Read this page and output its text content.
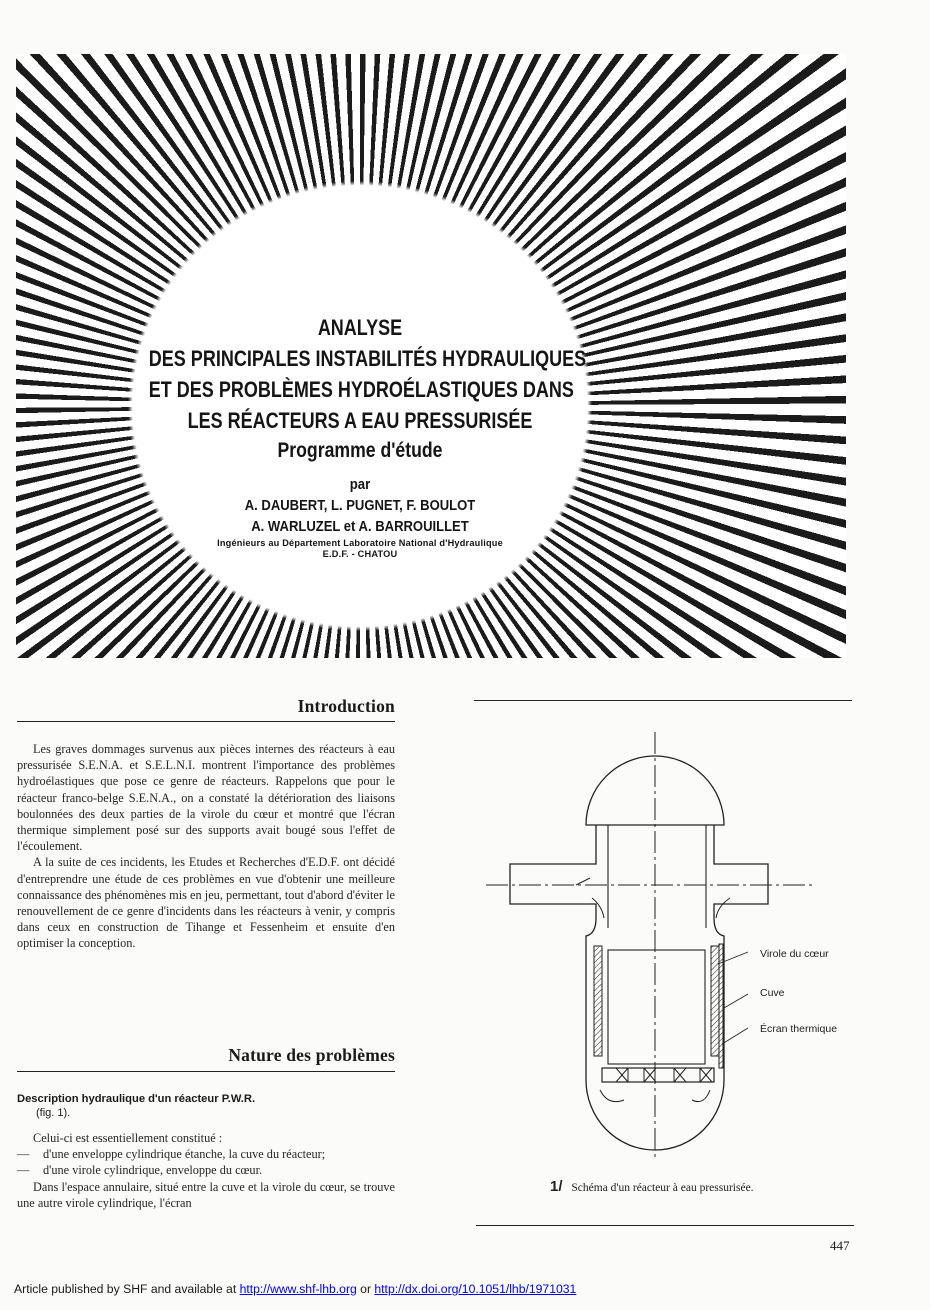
ANALYSE
DES PRINCIPALES INSTABILITÉS HYDRAULIQUES
ET DES PROBLÈMES HYDROÉLASTIQUES DANS
LES RÉACTEURS A EAU PRESSURISÉE
Programme d'étude
par
A. DAUBERT, L. PUGNET, F. BOULOT
A. WARLUZEL et A. BARROUILLET
Ingénieurs au Département Laboratoire National d'Hydraulique
E.D.F. - CHATOU
Introduction

Les graves dommages survenus aux pièces internes des réacteurs à eau pressurisée S.E.N.A. et S.E.L.N.I. montrent l'importance des problèmes hydroélastiques que pose ce genre de réacteurs. Rappelons que pour le réacteur franco-belge S.E.N.A., on a constaté la détérioration des liaisons boulonnées des deux parties de la virole du cœur et montré que l'écran thermique simplement posé sur des supports avait bougé sous l'effet de l'écoulement.

A la suite de ces incidents, les Etudes et Recherches d'E.D.F. ont décidé d'entreprendre une étude de ces problèmes en vue d'obtenir une meilleure connaissance des phénomènes mis en jeu, permettant, tout d'abord d'éviter le renouvellement de ce genre d'incidents dans les réacteurs à venir, y compris dans ceux en construction de Tihange et Fessenheim et ensuite d'en optimiser la conception.

Nature des problèmes
Description hydraulique d'un réacteur P.W.R.
(fig. 1).

Celui-ci est essentiellement constitué :

—	d'une enveloppe cylindrique étanche, la cuve du réacteur;
—	d'une virole cylindrique, enveloppe du cœur.

Dans l'espace annulaire, situé entre la cuve et la virole du cœur, se trouve une autre virole cylindrique, l'écran

Virole du cœur
Cuve
Écran thermique
1/ Schéma d'un réacteur à eau pressurisée.
447
Article published by SHF and available at http://www.shf-lhb.org or http://dx.doi.org/10.1051/lhb/1971031
